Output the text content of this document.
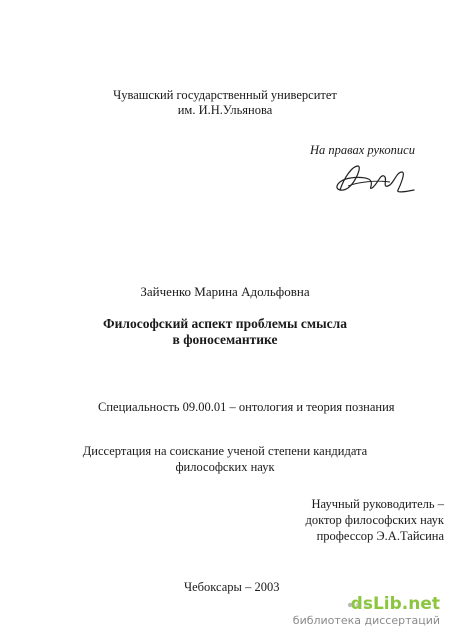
Чувашский государственный университет
им. И.Н.Ульянова
На правах рукописи
Зайченко Марина Адольфовна
Философский аспект проблемы смысла
в фоносемантике
Специальность 09.00.01 – онтология и теория познания
Диссертация на соискание ученой степени кандидата
философских наук
Научный руководитель –
доктор философских наук
профессор Э.А.Тайсина
Чебоксары – 2003
dsLib.net
библиотека диссертаций
